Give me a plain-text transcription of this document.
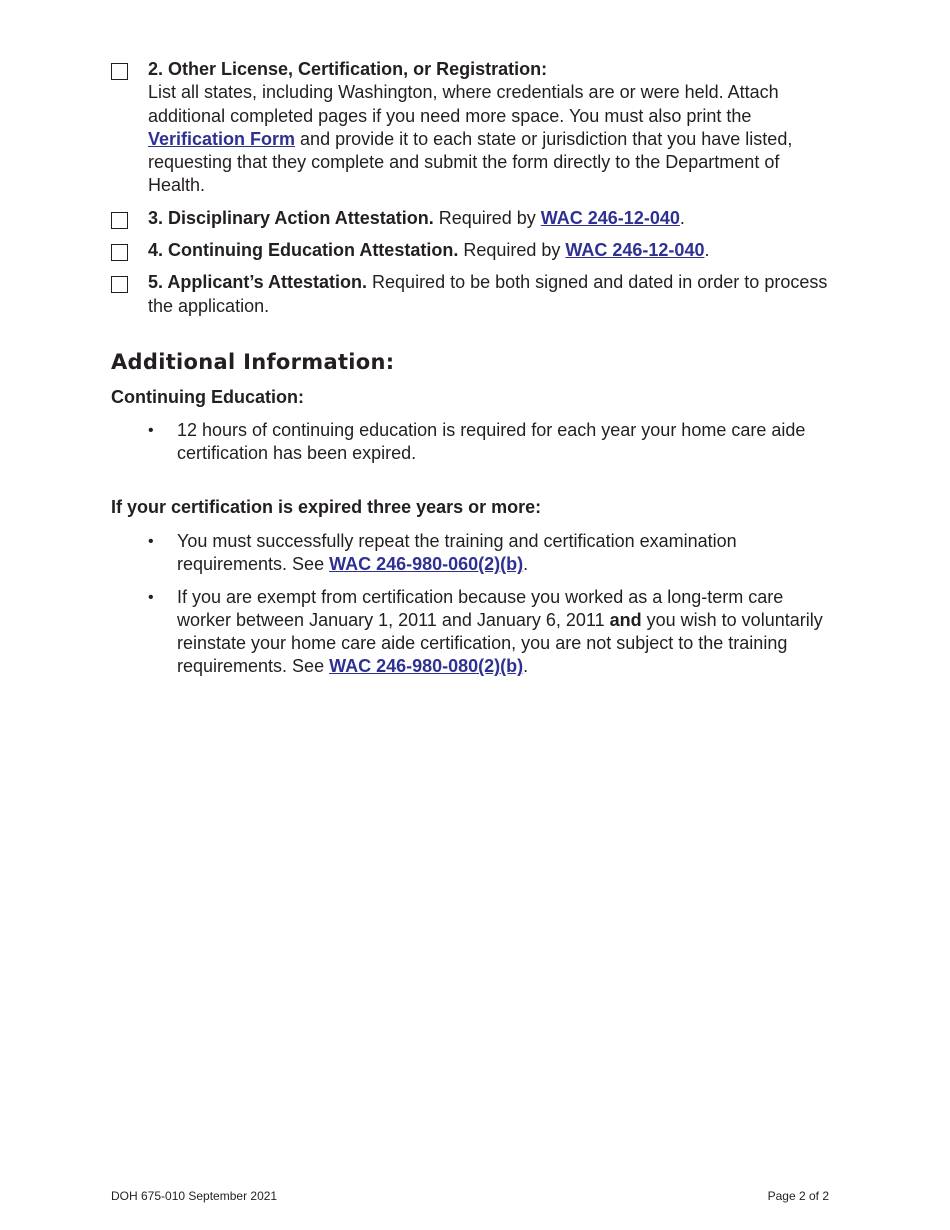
2. Other License, Certification, or Registration:
List all states, including Washington, where credentials are or were held. Attach additional completed pages if you need more space. You must also print the Verification Form and provide it to each state or jurisdiction that you have listed, requesting that they complete and submit the form directly to the Department of Health.
3. Disciplinary Action Attestation. Required by WAC 246-12-040.
4. Continuing Education Attestation. Required by WAC 246-12-040.
5. Applicant’s Attestation. Required to be both signed and dated in order to process the application.
Additional Information:
Continuing Education:
• 12 hours of continuing education is required for each year your home care aide certification has been expired.
If your certification is expired three years or more:
• You must successfully repeat the training and certification examination requirements. See WAC 246-980-060(2)(b).
• If you are exempt from certification because you worked as a long-term care worker between January 1, 2011 and January 6, 2011 and you wish to voluntarily reinstate your home care aide certification, you are not subject to the training requirements. See WAC 246-980-080(2)(b).
DOH 675-010 September 2021	Page 2 of 2
